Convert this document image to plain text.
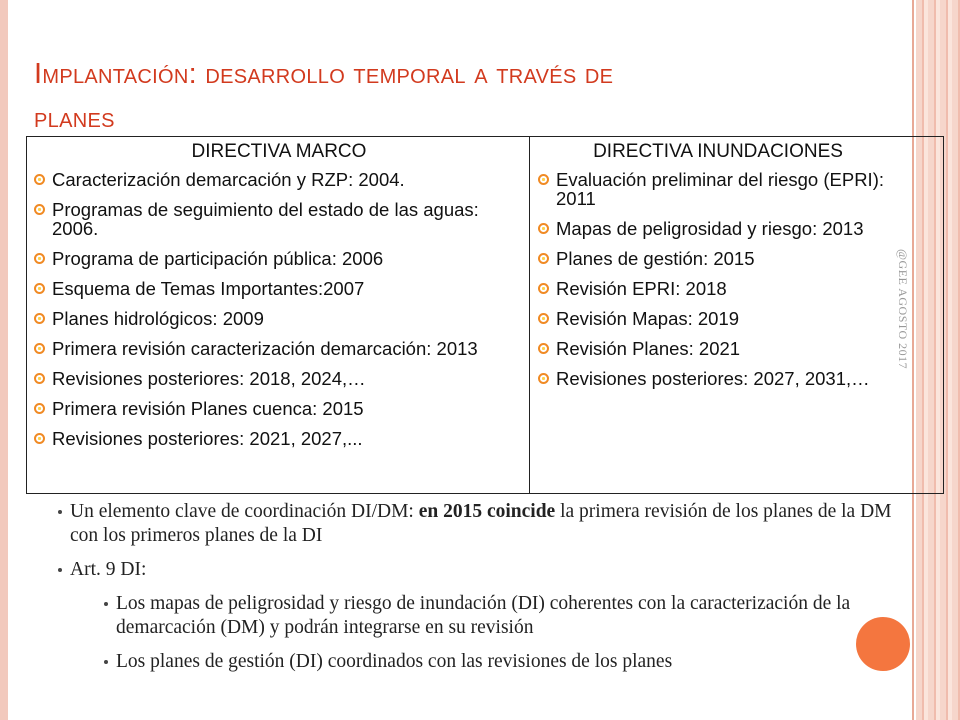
Implantación: desarrollo temporal a través de
planes
DIRECTIVA MARCO
Caracterización demarcación y RZP: 2004.
Programas de seguimiento del estado de las aguas: 2006.
Programa de participación pública: 2006
Esquema de Temas Importantes:2007
Planes hidrológicos: 2009
Primera revisión caracterización demarcación: 2013
Revisiones posteriores: 2018, 2024,…
Primera revisión Planes cuenca: 2015
Revisiones posteriores: 2021, 2027,...
DIRECTIVA INUNDACIONES
Evaluación preliminar del riesgo (EPRI): 2011
Mapas de peligrosidad y riesgo: 2013
Planes de gestión: 2015
Revisión EPRI: 2018
Revisión Mapas: 2019
Revisión Planes: 2021
Revisiones posteriores: 2027, 2031,…
@GEE AGOSTO 2017
Un elemento clave de coordinación DI/DM: en 2015 coincide la primera revisión de los planes de la DM con los primeros planes de la DI
Art. 9 DI:
Los mapas de peligrosidad y riesgo de inundación (DI) coherentes con la caracterización de la demarcación (DM) y podrán integrarse en su revisión
Los planes de gestión (DI) coordinados con las revisiones de los planes
